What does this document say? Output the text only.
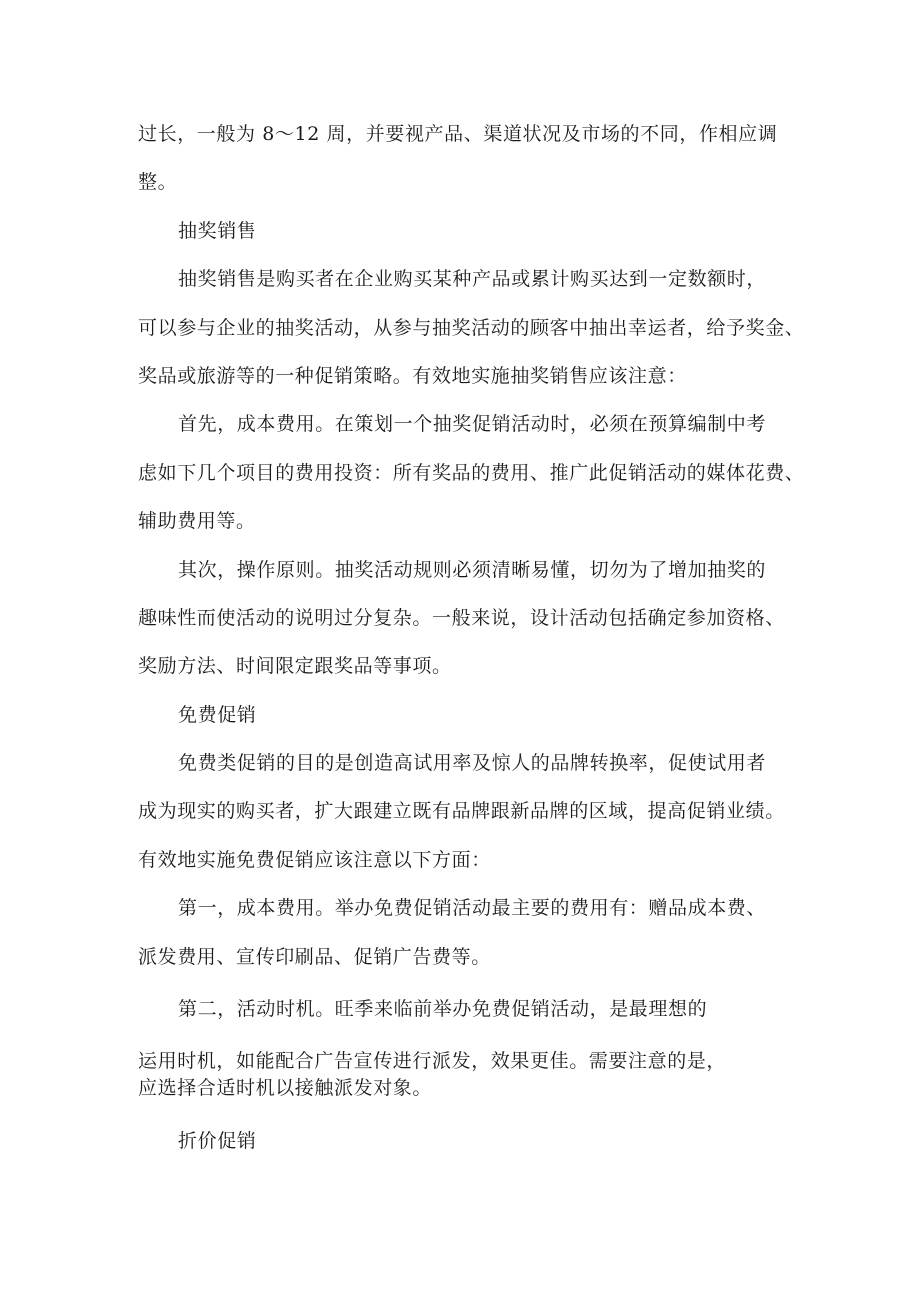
过长，一般为 8～12 周，并要视产品、渠道状况及市场的不同，作相应调
整。
抽奖销售
抽奖销售是购买者在企业购买某种产品或累计购买达到一定数额时，
可以参与企业的抽奖活动，从参与抽奖活动的顾客中抽出幸运者，给予奖金、
奖品或旅游等的一种促销策略。有效地实施抽奖销售应该注意：
首先，成本费用。在策划一个抽奖促销活动时，必须在预算编制中考
虑如下几个项目的费用投资：所有奖品的费用、推广此促销活动的媒体花费、
辅助费用等。
其次，操作原则。抽奖活动规则必须清晰易懂，切勿为了增加抽奖的
趣味性而使活动的说明过分复杂。一般来说，设计活动包括确定参加资格、
奖励方法、时间限定跟奖品等事项。
免费促销
免费类促销的目的是创造高试用率及惊人的品牌转换率，促使试用者
成为现实的购买者，扩大跟建立既有品牌跟新品牌的区域，提高促销业绩。
有效地实施免费促销应该注意以下方面：
第一，成本费用。举办免费促销活动最主要的费用有：赠品成本费、
派发费用、宣传印刷品、促销广告费等。
第二，活动时机。旺季来临前举办免费促销活动，是最理想的
运用时机，如能配合广告宣传进行派发，效果更佳。需要注意的是，
应选择合适时机以接触派发对象。
折价促销
